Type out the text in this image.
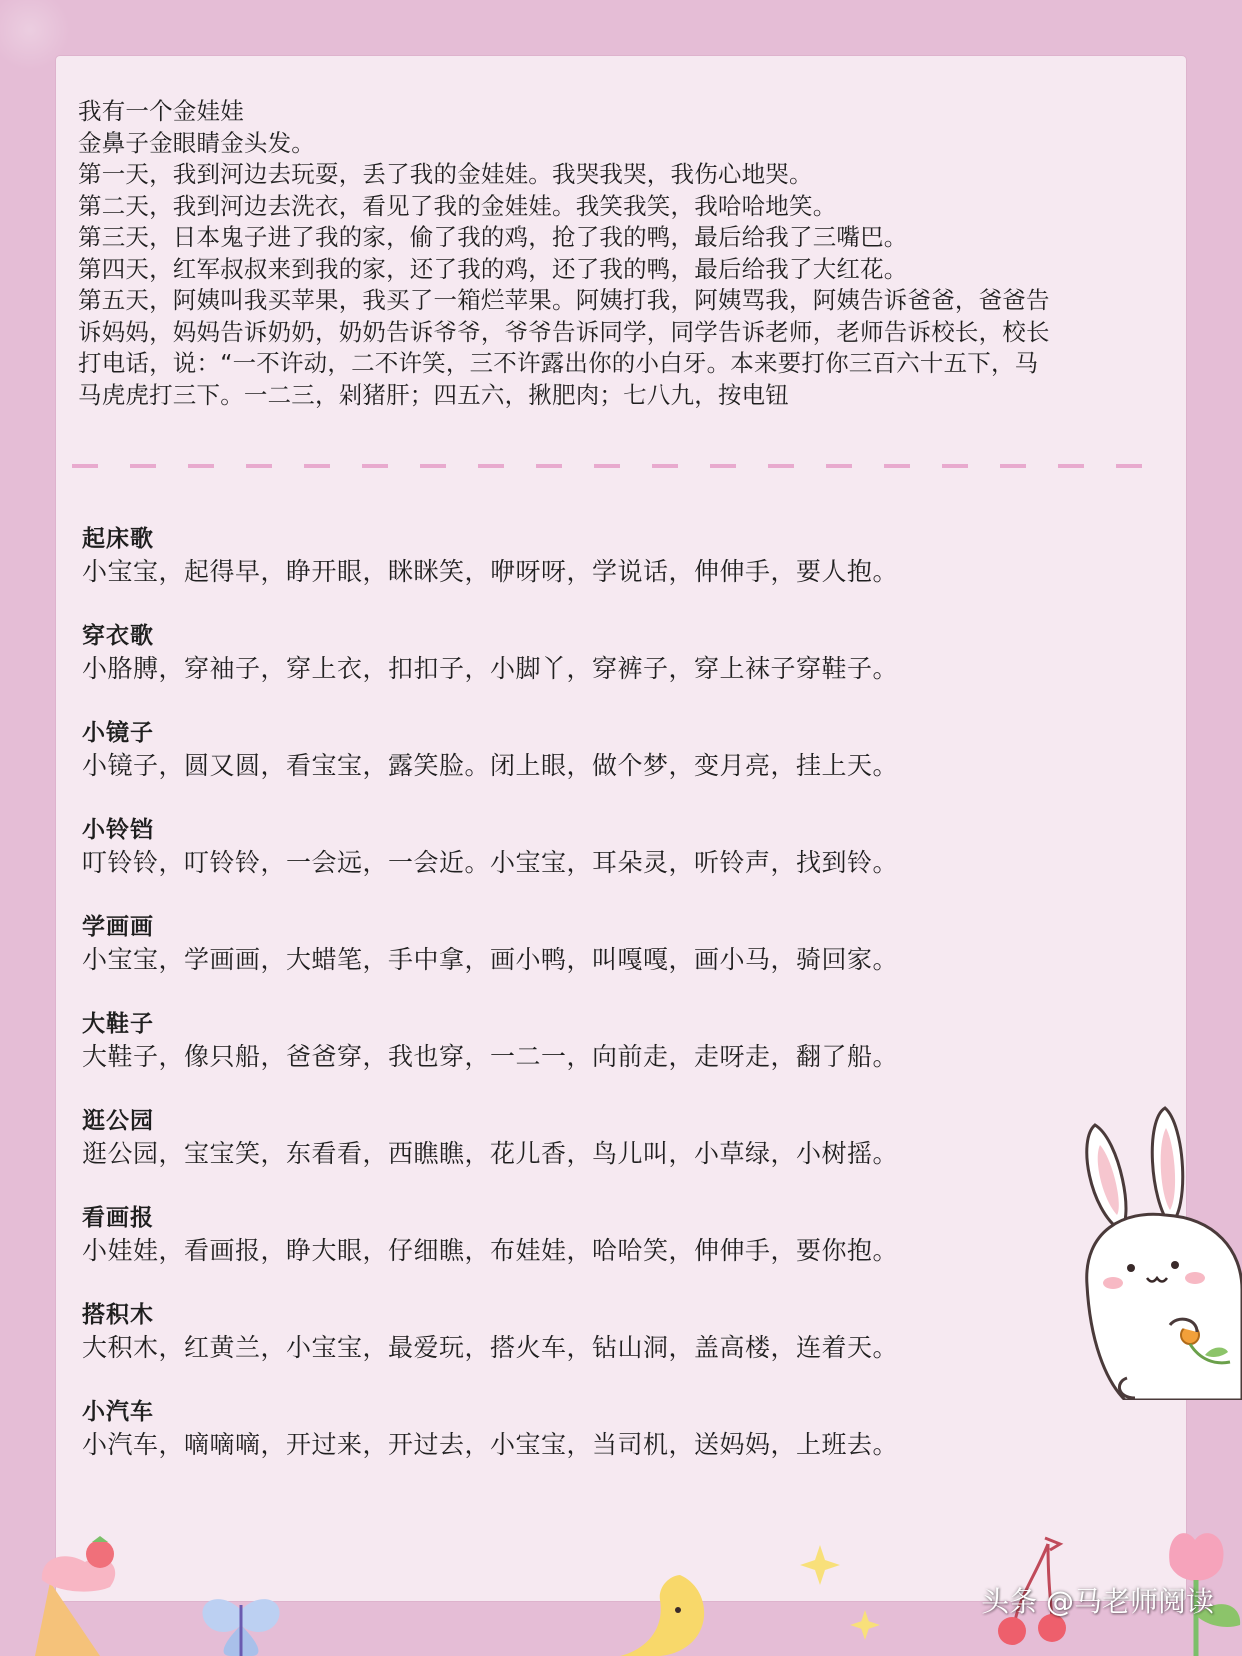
我有一个金娃娃
金鼻子金眼睛金头发。
第一天，我到河边去玩耍，丢了我的金娃娃。我哭我哭，我伤心地哭。
第二天，我到河边去洗衣，看见了我的金娃娃。我笑我笑，我哈哈地笑。
第三天，日本鬼子进了我的家，偷了我的鸡，抢了我的鸭，最后给我了三嘴巴。
第四天，红军叔叔来到我的家，还了我的鸡，还了我的鸭，最后给我了大红花。
第五天，阿姨叫我买苹果，我买了一箱烂苹果。阿姨打我，阿姨骂我，阿姨告诉爸爸，爸爸告
诉妈妈，妈妈告诉奶奶，奶奶告诉爷爷，爷爷告诉同学，同学告诉老师，老师告诉校长，校长
打电话，说：“一不许动，二不许笑，三不许露出你的小白牙。本来要打你三百六十五下，马
马虎虎打三下。一二三，剁猪肝；四五六，揪肥肉；七八九，按电钮
起床歌
小宝宝，起得早，睁开眼，眯眯笑，咿呀呀，学说话，伸伸手，要人抱。
穿衣歌
小胳膊，穿袖子，穿上衣，扣扣子，小脚丫，穿裤子，穿上袜子穿鞋子。
小镜子
小镜子，圆又圆，看宝宝，露笑脸。闭上眼，做个梦，变月亮，挂上天。
小铃铛
叮铃铃，叮铃铃，一会远，一会近。小宝宝，耳朵灵，听铃声，找到铃。
学画画
小宝宝，学画画，大蜡笔，手中拿，画小鸭，叫嘎嘎，画小马，骑回家。
大鞋子
大鞋子，像只船，爸爸穿，我也穿，一二一，向前走，走呀走，翻了船。
逛公园
逛公园，宝宝笑，东看看，西瞧瞧，花儿香，鸟儿叫，小草绿，小树摇。
看画报
小娃娃，看画报，睁大眼，仔细瞧，布娃娃，哈哈笑，伸伸手，要你抱。
搭积木
大积木，红黄兰，小宝宝，最爱玩，搭火车，钻山洞，盖高楼，连着天。
小汽车
小汽车，嘀嘀嘀，开过来，开过去，小宝宝，当司机，送妈妈，上班去。
头条 @马老师阅读
